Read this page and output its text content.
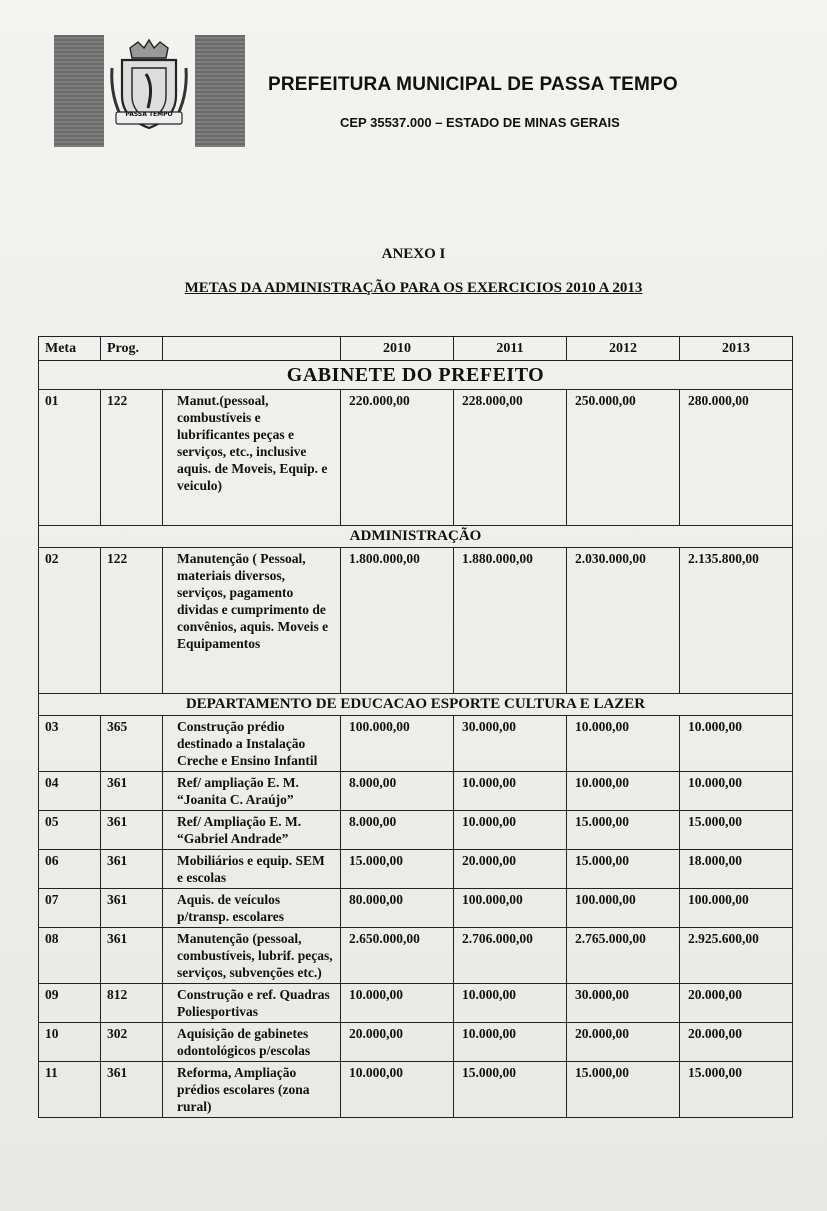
PASSA TEMPO
PREFEITURA MUNICIPAL DE PASSA TEMPO
CEP 35537.000 – ESTADO DE MINAS GERAIS
ANEXO I
METAS DA ADMINISTRAÇÃO PARA OS EXERCICIOS 2010 A 2013
Meta	Prog.		2010	2011	2012	2013
GABINETE DO PREFEITO						
01	122	Manut.(pessoal, combustíveis e lubrificantes peças e serviços, etc., inclusive aquis. de Moveis, Equip. e veiculo)	220.000,00	228.000,00	250.000,00	280.000,00
ADMINISTRAÇÃO						
02	122	Manutenção ( Pessoal, materiais diversos, serviços, pagamento dividas e cumprimento de convênios, aquis. Moveis e Equipamentos	1.800.000,00	1.880.000,00	2.030.000,00	2.135.800,00
DEPARTAMENTO DE EDUCACAO ESPORTE CULTURA E LAZER						
03	365	Construção prédio destinado a Instalação Creche e Ensino Infantil	100.000,00	30.000,00	10.000,00	10.000,00
04	361	Ref/ ampliação E. M. “Joanita C. Araújo”	8.000,00	10.000,00	10.000,00	10.000,00
05	361	Ref/ Ampliação E. M. “Gabriel Andrade”	8.000,00	10.000,00	15.000,00	15.000,00
06	361	Mobiliários e equip. SEM e escolas	15.000,00	20.000,00	15.000,00	18.000,00
07	361	Aquis. de veículos p/transp. escolares	80.000,00	100.000,00	100.000,00	100.000,00
08	361	Manutenção (pessoal, combustíveis, lubrif. peças, serviços, subvenções etc.)	2.650.000,00	2.706.000,00	2.765.000,00	2.925.600,00
09	812	Construção e ref. Quadras Poliesportivas	10.000,00	10.000,00	30.000,00	20.000,00
10	302	Aquisição de gabinetes odontológicos p/escolas	20.000,00	10.000,00	20.000,00	20.000,00
11	361	Reforma, Ampliação prédios escolares (zona rural)	10.000,00	15.000,00	15.000,00	15.000,00
